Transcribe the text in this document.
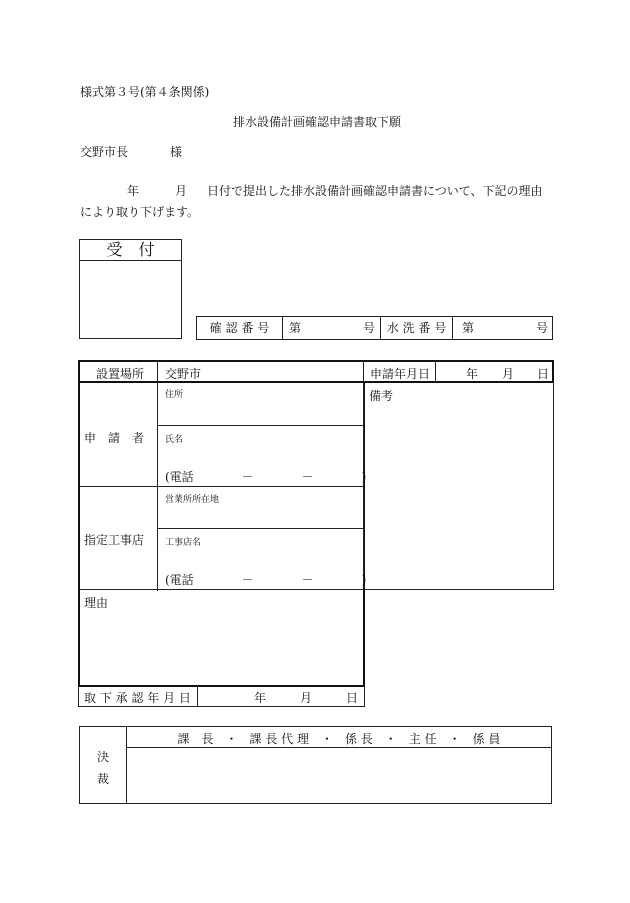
様式第３号(第４条関係)
排水設備計画確認申請書取下願
交野市長	様
年	月 日付で提出した排水設備計画確認申請書について、下記の理由
により取り下げます。
受　付
確 認 番 号	第	号 水 洗 番 号	第	号
設置場所 交野市	申請年月日	年 月 日
備考
申　請　者
住所
氏名
(電話　　　　－　　　　－　　　　)
指定工事店
営業所所在地
工事店名
(電話　　　　－　　　　－　　　　)
理由
取 下 承 認 年 月 日	年	月	日
決
裁
課　長　・　課 長 代 理　・　係 長　・　主 任　・　係 員
